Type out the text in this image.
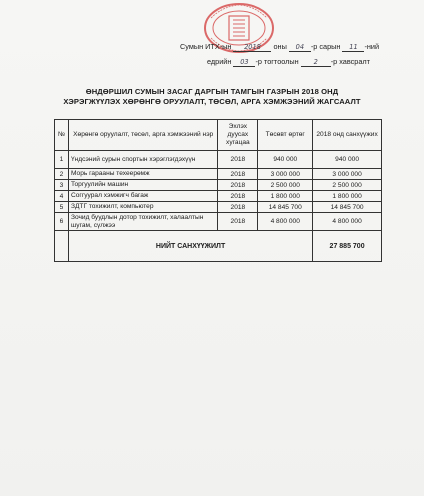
Сумын ИТХ-ын 2018 оны 04 -р сарын 11 -ний
едрийн 03 -р тогтоолын 2 -р хавсралт
ӨНДӨРШИЛ СУМЫН ЗАСАГ ДАРГЫН ТАМГЫН ГАЗРЫН 2018 ОНД
ХЭРЭГЖҮҮЛЭХ ХӨРӨНГӨ ОРУУЛАЛТ, ТӨСӨЛ, АРГА ХЭМЖЭЭНИЙ ЖАГСААЛТ
№	Хөрөнгө оруулалт, төсөл, арга хэмжээний нэр	Эхлэх дуусах хугацаа	Төсөвт өртөг	2018 онд санхүүжих
1	Үндсэний сурын спортын хэрэглэгдэхүүн	2018	940 000	940 000
2	Морь гарааны техеерөмж	2018	3 000 000	3 000 000
3	Торгуулийн машин	2018	2 500 000	2 500 000
4	Соггуурал хэмжигч багаж	2018	1 800 000	1 800 000
5	ЗДТГ тохижилт, компьютер	2018	14 845 700	14 845 700
6	Зочид буудлын дотор тохижилт, халаалтын шугам, сүлжээ	2018	4 800 000	4 800 000
	НИЙТ САНХҮҮЖИЛТ			27 885 700
